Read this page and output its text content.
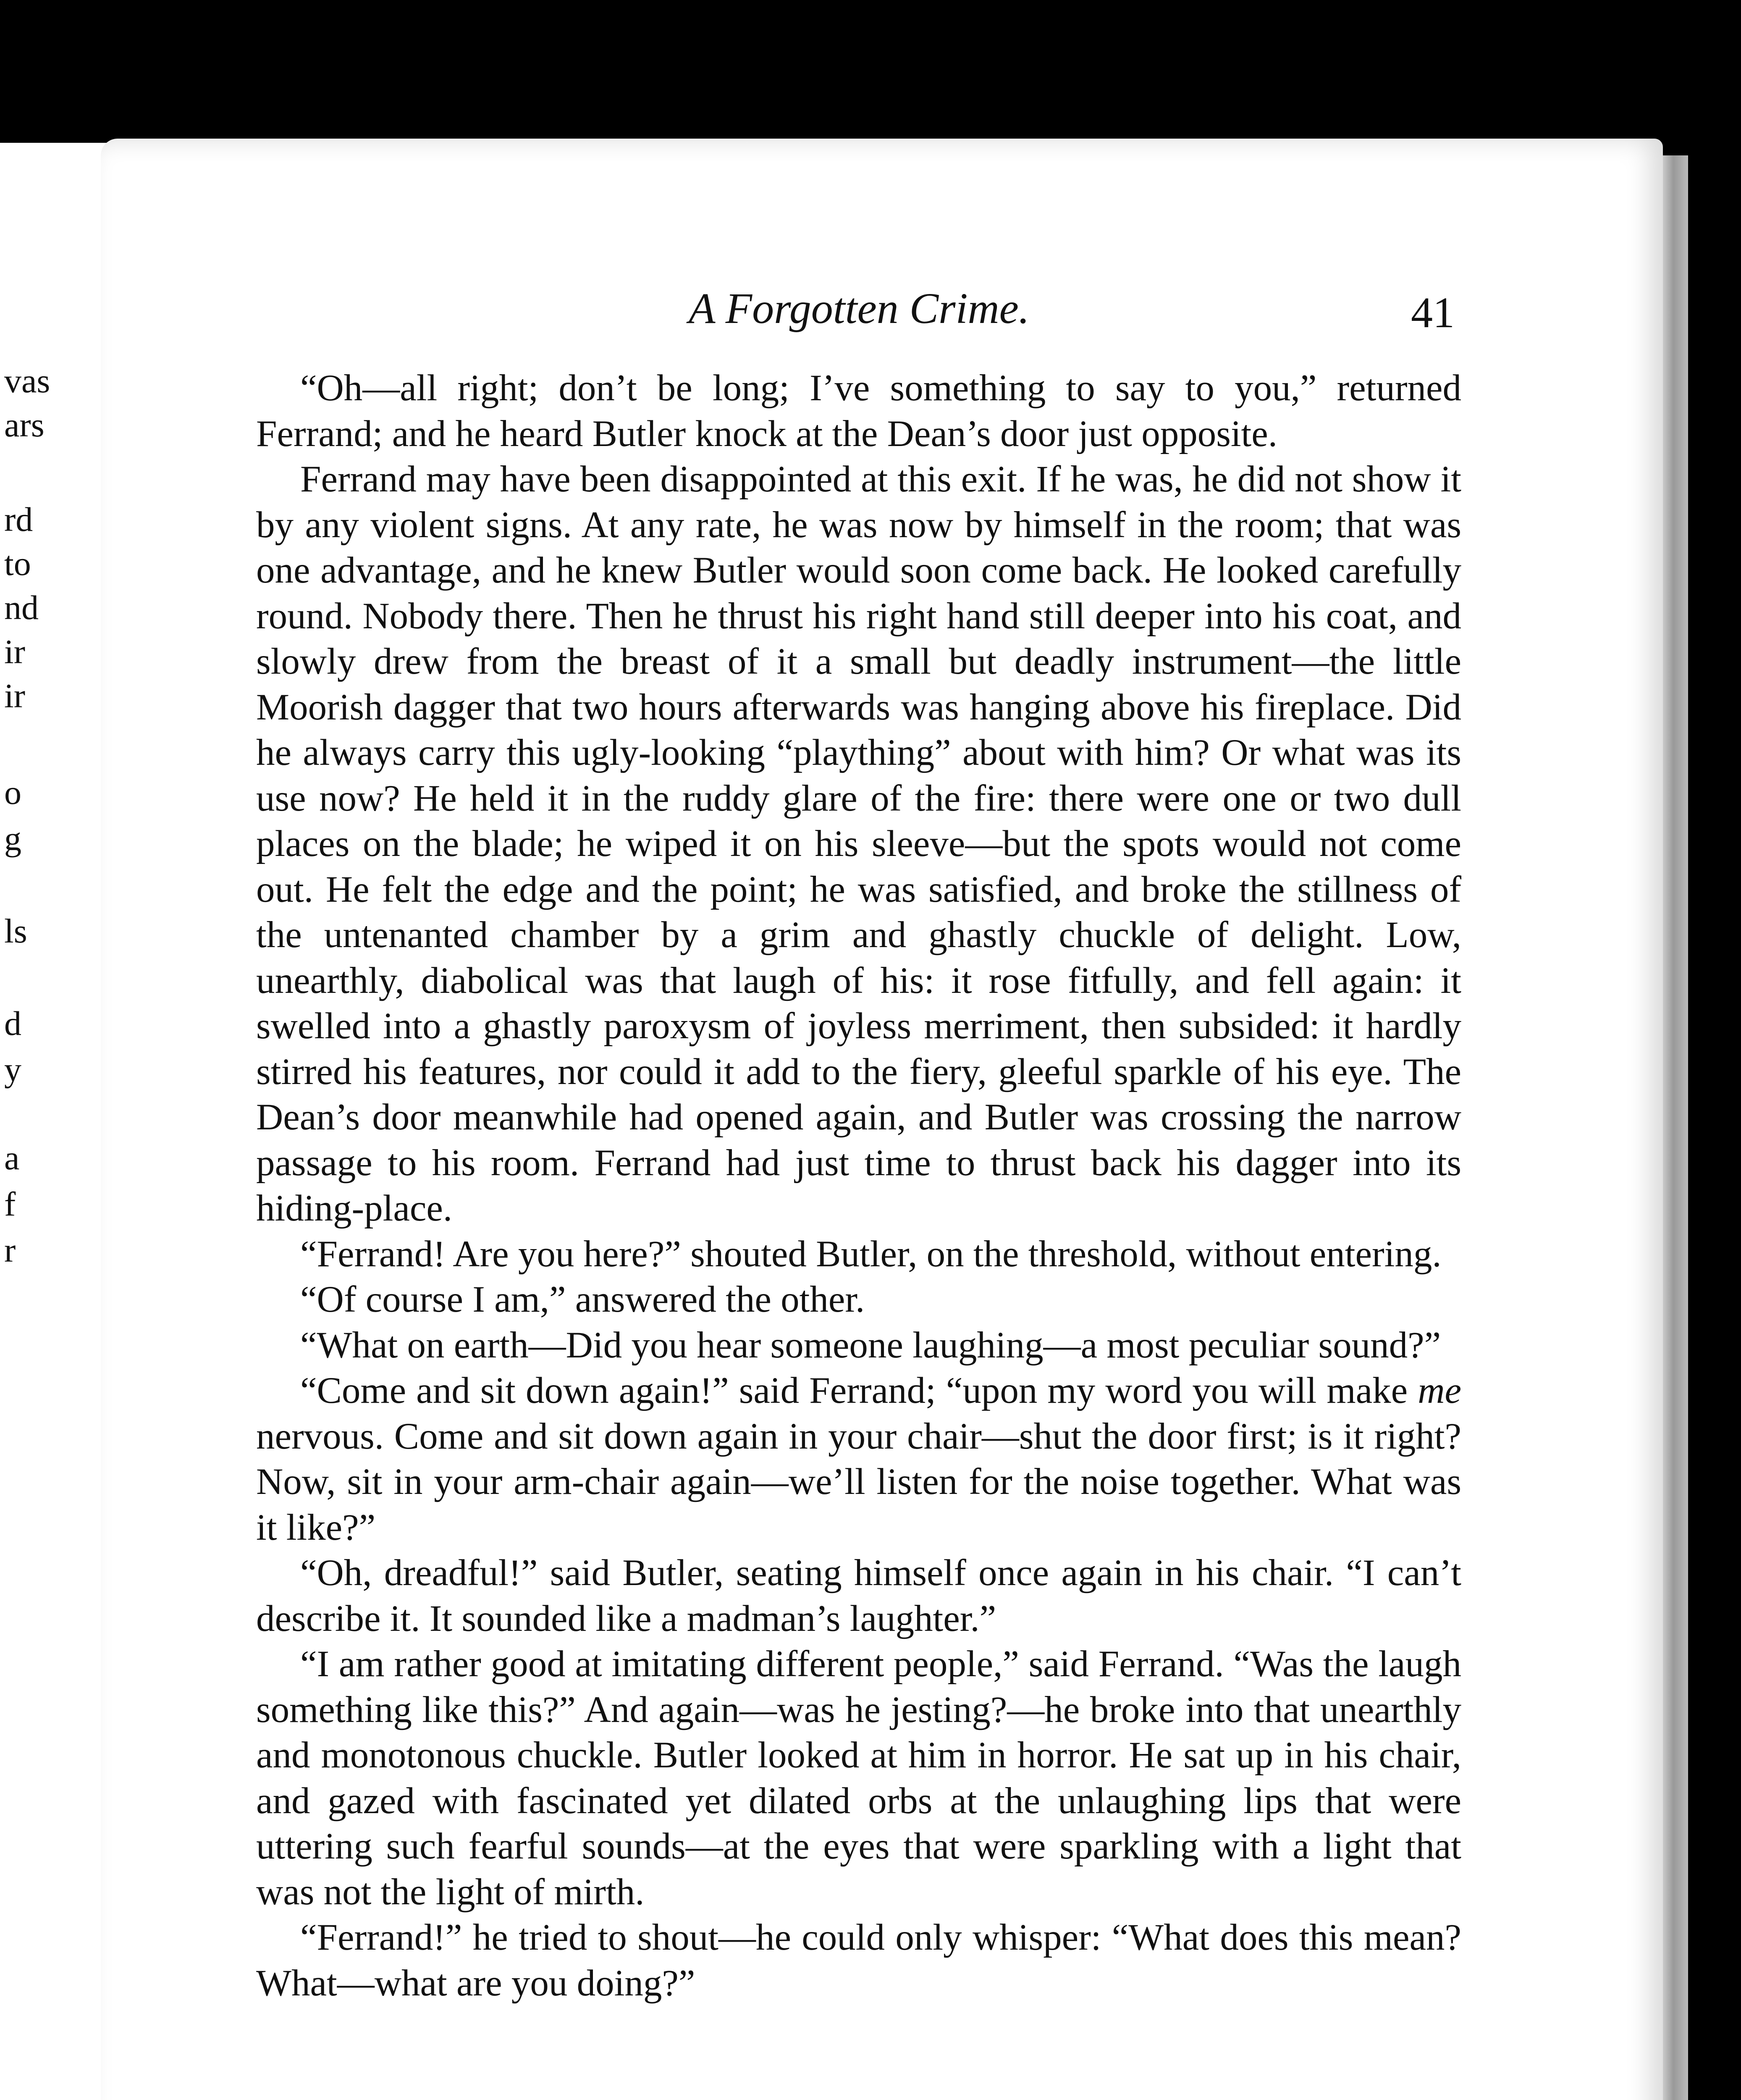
vas
ars
rd
to
nd
ir
ir
o
g
ls
d
y
a
f
r
A Forgotten Crime.	41

“Oh—all right; don’t be long; I’ve something to say to you,” returned Ferrand; and he heard Butler knock at the Dean’s door just opposite.

Ferrand may have been disappointed at this exit. If he was, he did not show it by any violent signs. At any rate, he was now by himself in the room; that was one advantage, and he knew Butler would soon come back. He looked carefully round. Nobody there. Then he thrust his right hand still deeper into his coat, and slowly drew from the breast of it a small but deadly instrument—the little Moorish dagger that two hours afterwards was hanging above his fireplace. Did he always carry this ugly-looking “plaything” about with him? Or what was its use now? He held it in the ruddy glare of the fire: there were one or two dull places on the blade; he wiped it on his sleeve—but the spots would not come out. He felt the edge and the point; he was satisfied, and broke the stillness of the untenanted chamber by a grim and ghastly chuckle of delight. Low, unearthly, diabolical was that laugh of his: it rose fitfully, and fell again: it swelled into a ghastly paroxysm of joyless merriment, then subsided: it hardly stirred his features, nor could it add to the fiery, gleeful sparkle of his eye. The Dean’s door meanwhile had opened again, and Butler was crossing the narrow passage to his room. Ferrand had just time to thrust back his dagger into its hiding-place.

“Ferrand! Are you here?” shouted Butler, on the threshold, without entering.

“Of course I am,” answered the other.

“What on earth—Did you hear someone laughing—a most peculiar sound?”

“Come and sit down again!” said Ferrand; “upon my word you will make me nervous. Come and sit down again in your chair—shut the door first; is it right? Now, sit in your arm-chair again—we’ll listen for the noise together. What was it like?”

“Oh, dreadful!” said Butler, seating himself once again in his chair. “I can’t describe it. It sounded like a madman’s laughter.”

“I am rather good at imitating different people,” said Ferrand. “Was the laugh something like this?” And again—was he jesting?—he broke into that unearthly and monotonous chuckle. Butler looked at him in horror. He sat up in his chair, and gazed with fascinated yet dilated orbs at the unlaughing lips that were uttering such fearful sounds—at the eyes that were sparkling with a light that was not the light of mirth.

“Ferrand!” he tried to shout—he could only whisper: “What does this mean? What—what are you doing?”
